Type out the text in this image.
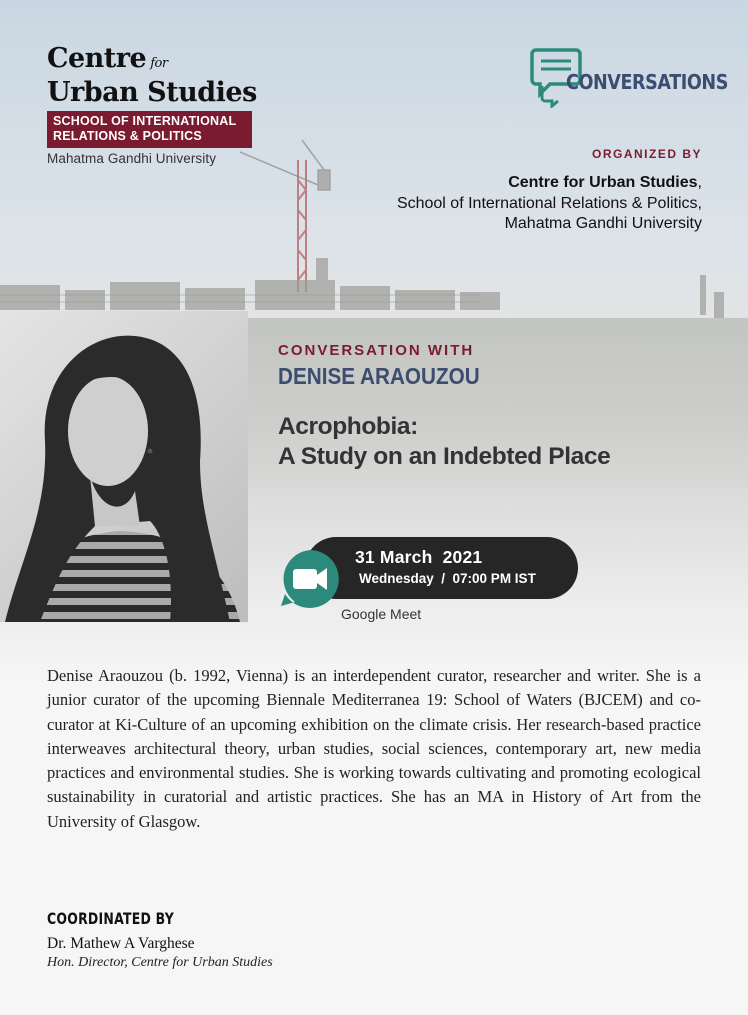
Centre for
Urban Studies
SCHOOL OF INTERNATIONAL
RELATIONS & POLITICS
Mahatma Gandhi University
CONVERSATIONS
ORGANIZED BY
Centre for Urban Studies,
School of International Relations & Politics,
Mahatma Gandhi University
CONVERSATION WITH
DENISE ARAOUZOU
Acrophobia:
A Study on an Indebted Place
31 March  2021
Wednesday  /  07:00 PM IST
Google Meet
Denise Araouzou (b. 1992, Vienna) is an interdependent curator, researcher and writer. She is a junior curator of the upcoming Biennale Mediterranea 19: School of Waters (BJCEM) and co-curator at Ki-Culture of an upcoming exhibition on the climate crisis. Her research-based practice interweaves architectural theory, urban studies, social sciences, contemporary art, new media practices and environmental studies. She is working towards cultivating and promoting ecological sustainability in curatorial and artistic practices. She has an MA in History of Art from the University of Glasgow.
COORDINATED BY
Dr. Mathew A Varghese
Hon. Director, Centre for Urban Studies
